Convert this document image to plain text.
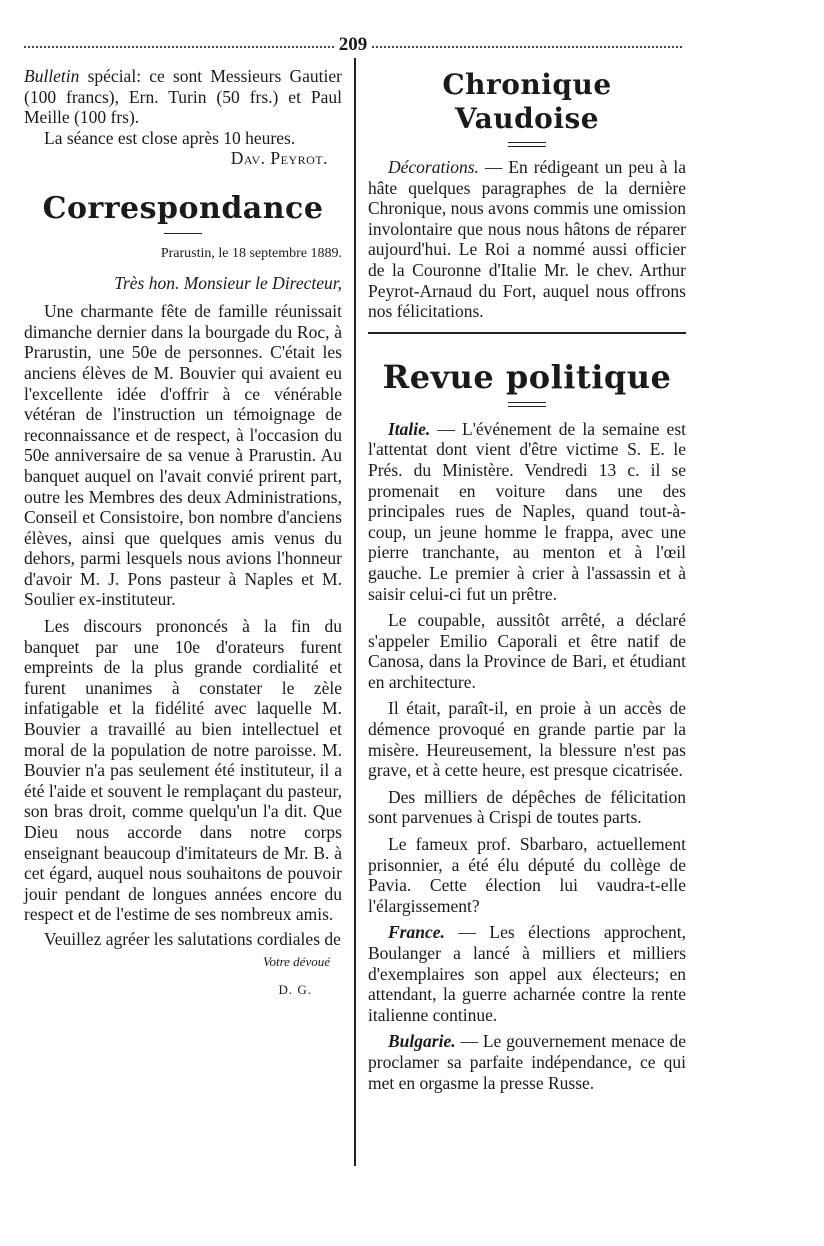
209

Bulletin spécial: ce sont Messieurs Gautier (100 francs), Ern. Turin (50 frs.) et Paul Meille (100 frs).

La séance est close après 10 heures.

Dav. Peyrot.

Correspondance

Prarustin, le 18 septembre 1889.

Très hon. Monsieur le Directeur,

Une charmante fête de famille réunissait dimanche dernier dans la bourgade du Roc, à Prarustin, une 50e de personnes. C'était les anciens élèves de M. Bouvier qui avaient eu l'excellente idée d'offrir à ce vénérable vétéran de l'instruction un témoignage de reconnaissance et de respect, à l'occasion du 50e anniversaire de sa venue à Prarustin. Au banquet auquel on l'avait convié prirent part, outre les Membres des deux Administrations, Conseil et Consistoire, bon nombre d'anciens élèves, ainsi que quelques amis venus du dehors, parmi lesquels nous avions l'honneur d'avoir M. J. Pons pasteur à Naples et M. Soulier ex-instituteur.

Les discours prononcés à la fin du banquet par une 10e d'orateurs furent empreints de la plus grande cordialité et furent unanimes à constater le zèle infatigable et la fidélité avec laquelle M. Bouvier a travaillé au bien intellectuel et moral de la population de notre paroisse. M. Bouvier n'a pas seulement été instituteur, il a été l'aide et souvent le remplaçant du pasteur, son bras droit, comme quelqu'un l'a dit. Que Dieu nous accorde dans notre corps enseignant beaucoup d'imitateurs de Mr. B. à cet égard, auquel nous souhaitons de pouvoir jouir pendant de longues années encore du respect et de l'estime de ses nombreux amis.

Veuillez agréer les salutations cordiales de

Votre dévoué

D. G.

Chronique Vaudoise

Décorations. — En rédigeant un peu à la hâte quelques paragraphes de la dernière Chronique, nous avons commis une omission involontaire que nous nous hâtons de réparer aujourd'hui. Le Roi a nommé aussi officier de la Couronne d'Italie Mr. le chev. Arthur Peyrot-Arnaud du Fort, auquel nous offrons nos félicitations.

Revue politique

Italie. — L'événement de la semaine est l'attentat dont vient d'être victime S. E. le Prés. du Ministère. Vendredi 13 c. il se promenait en voiture dans une des principales rues de Naples, quand tout-à-coup, un jeune homme le frappa, avec une pierre tranchante, au menton et à l'œil gauche. Le premier à crier à l'assassin et à saisir celui-ci fut un prêtre.

Le coupable, aussitôt arrêté, a déclaré s'appeler Emilio Caporali et être natif de Canosa, dans la Province de Bari, et étudiant en architecture.

Il était, paraît-il, en proie à un accès de démence provoqué en grande partie par la misère. Heureusement, la blessure n'est pas grave, et à cette heure, est presque cicatrisée.

Des milliers de dépêches de félicitation sont parvenues à Crispi de toutes parts.

Le fameux prof. Sbarbaro, actuellement prisonnier, a été élu député du collège de Pavia. Cette élection lui vaudra-t-elle l'élargissement?

France. — Les élections approchent, Boulanger a lancé à milliers et milliers d'exemplaires son appel aux électeurs; en attendant, la guerre acharnée contre la rente italienne continue.

Bulgarie. — Le gouvernement menace de proclamer sa parfaite indépendance, ce qui met en orgasme la presse Russe.
